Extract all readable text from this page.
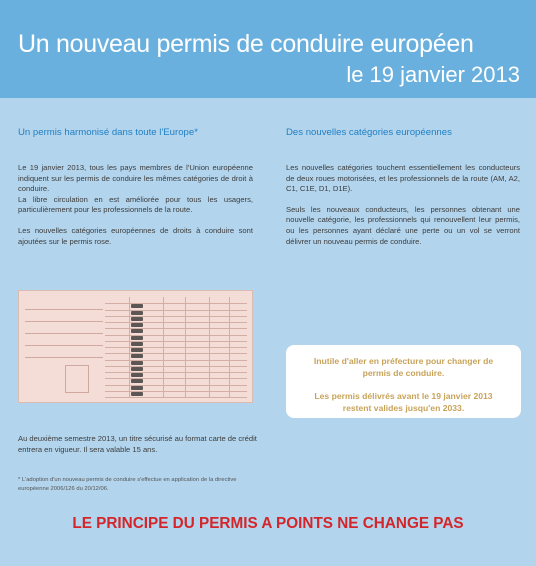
Un nouveau permis de conduire européen
le 19 janvier 2013
Un permis harmonisé dans toute l'Europe*

Le 19 janvier 2013, tous les pays membres de l'Union européenne indiquent sur les permis de conduire les mêmes catégories de droit à conduire.

La libre circulation en est améliorée pour tous les usagers, particulièrement pour les professionnels de la route.

Les nouvelles catégories européennes de droits à conduire sont ajoutées sur le permis rose.

Des nouvelles catégories européennes

Les nouvelles catégories touchent essentiellement les conducteurs de deux roues motorisées, et les professionnels de la route (AM, A2, C1, C1E, D1, D1E).

Seuls les nouveaux conducteurs, les personnes obtenant une nouvelle catégorie, les professionnels qui renouvellent leur permis, ou les personnes ayant déclaré une perte ou un vol se verront délivrer un nouveau permis de conduire.

Inutile d'aller en préfecture pour changer de permis de conduire.

Les permis délivrés avant le 19 janvier 2013 restent valides jusqu'en 2033.

Au deuxième semestre 2013, un titre sécurisé au format carte de crédit entrera en vigueur. Il sera valable 15 ans.
* L'adoption d'un nouveau permis de conduire s'effectue en application de la directive européenne 2006/126 du 20/12/06.
LE PRINCIPE DU PERMIS A POINTS NE CHANGE PAS
